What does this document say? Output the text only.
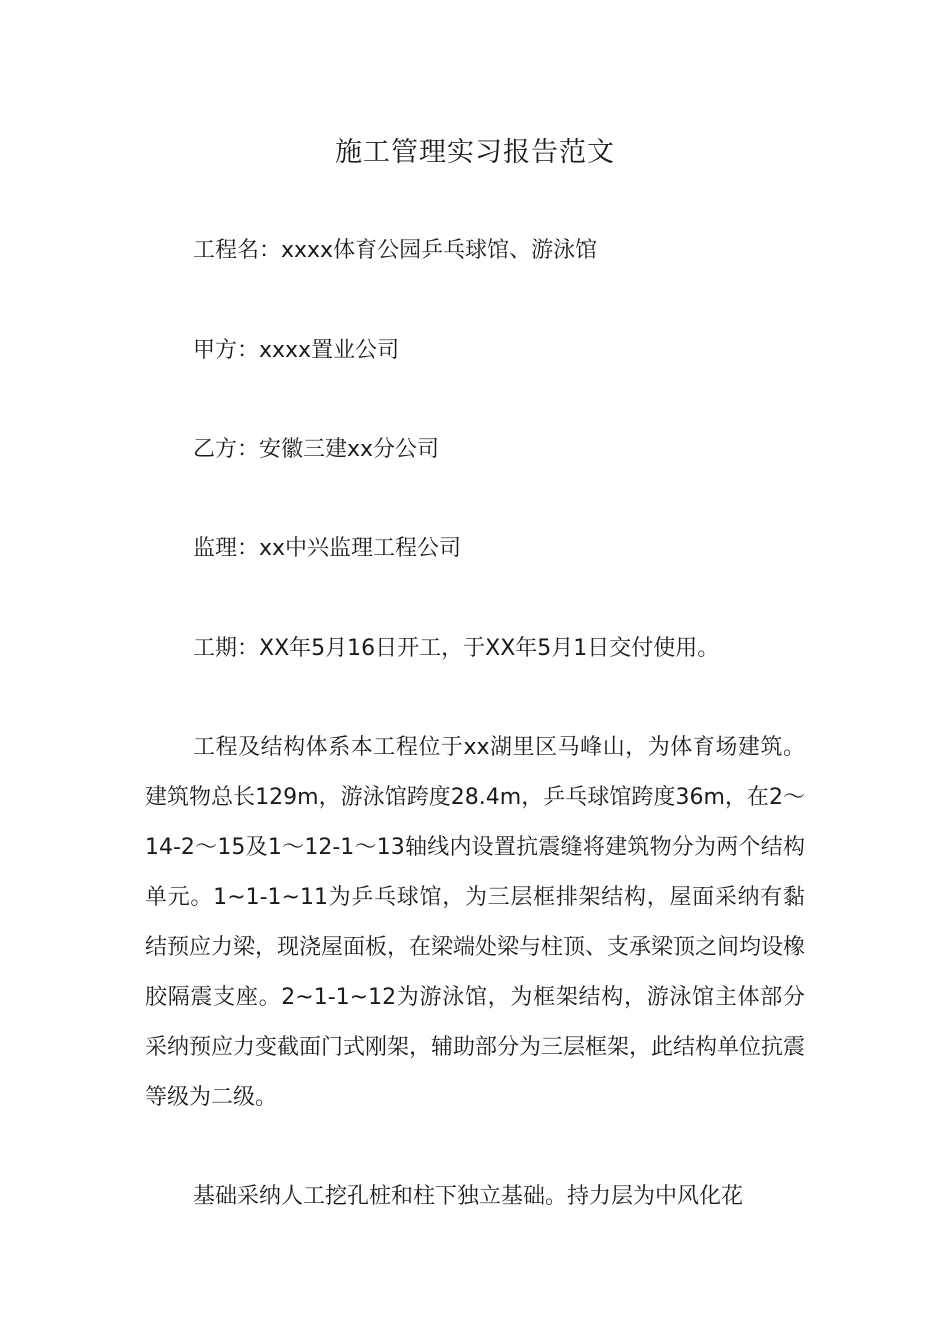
施工管理实习报告范文

工程名：xxxx体育公园乒乓球馆、游泳馆

甲方：xxxx置业公司

乙方：安徽三建xx分公司

监理：xx中兴监理工程公司

工期：XX年5月16日开工，于XX年5月1日交付使用。

工程及结构体系本工程位于xx湖里区马峰山，为体育场建筑。建筑物总长129m，游泳馆跨度28.4m，乒乓球馆跨度36m，在2～14-2～15及1～12-1～13轴线内设置抗震缝将建筑物分为两个结构单元。1~1-1~11为乒乓球馆，为三层框排架结构，屋面采纳有黏结预应力梁，现浇屋面板，在梁端处梁与柱顶、支承梁顶之间均设橡胶隔震支座。2~1-1~12为游泳馆，为框架结构，游泳馆主体部分采纳预应力变截面门式刚架，辅助部分为三层框架，此结构单位抗震等级为二级。

基础采纳人工挖孔桩和柱下独立基础。持力层为中风化花
